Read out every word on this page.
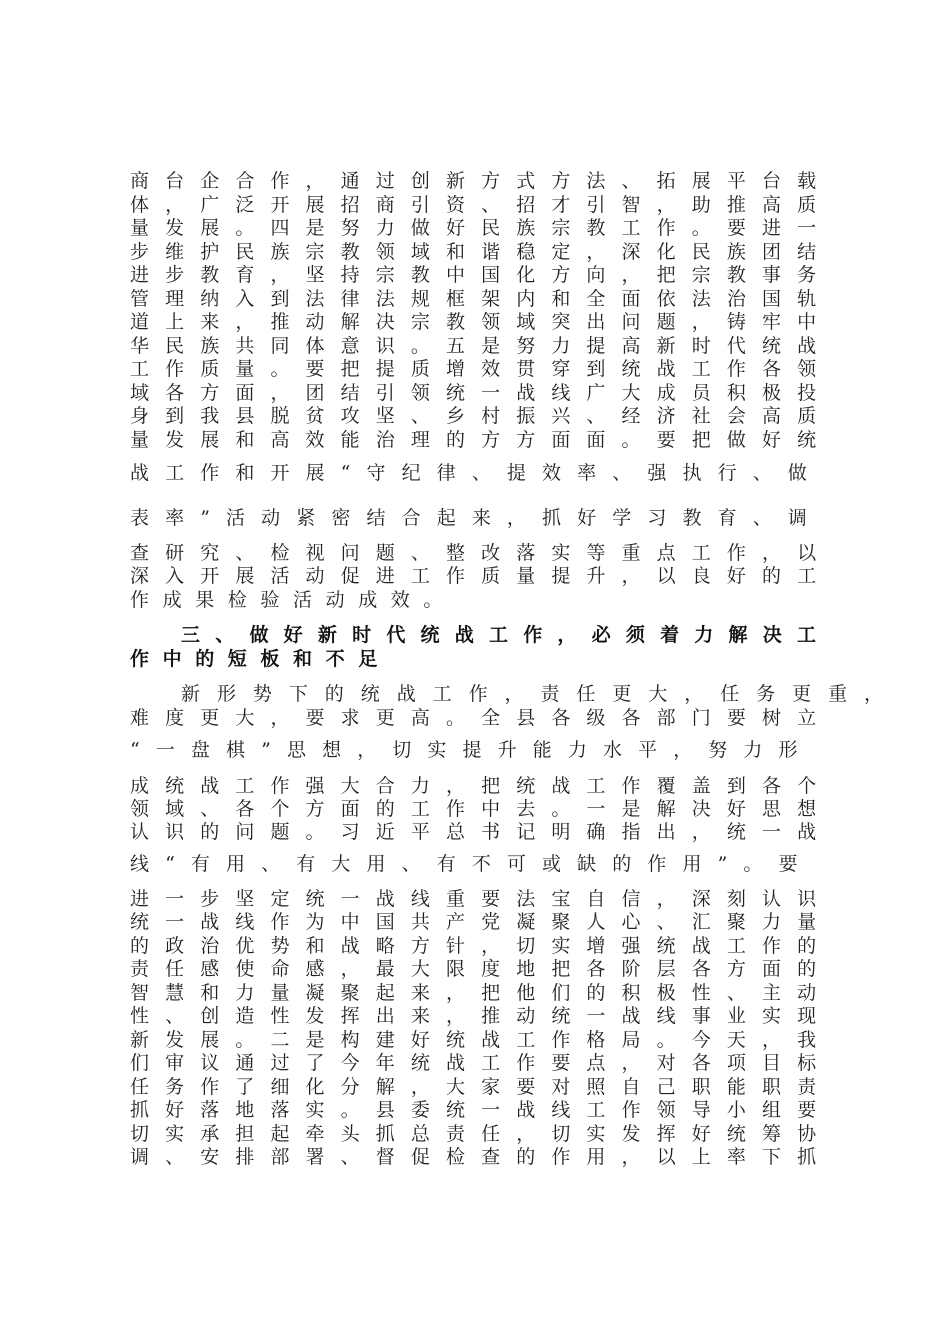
商台企合作，通过创新方式方法、拓展平台载
体，广泛开展招商引资、招才引智，助推高质
量发展。四是努力做好民族宗教工作。要进一
步维护民族宗教领域和谐稳定，深化民族团结
进步教育，坚持宗教中国化方向，把宗教事务
管理纳入到法律法规框架内和全面依法治国轨
道上来，推动解决宗教领域突出问题，铸牢中
华民族共同体意识。五是努力提高新时代统战
工作质量。要把提质增效贯穿到统战工作各领
域各方面，团结引领统一战线广大成员积极投
身到我县脱贫攻坚、乡村振兴、经济社会高质
量发展和高效能治理的方方面面。要把做好统
战工作和开展“守纪律、提效率、强执行、做
表率”活动紧密结合起来，抓好学习教育、调
查研究、检视问题、整改落实等重点工作，以
深入开展活动促进工作质量提升，以良好的工
作成果检验活动成效。
三、做好新时代统战工作，必须着力解决工
作中的短板和不足
新形势下的统战工作，责任更大，任务更重，
难度更大，要求更高。全县各级各部门要树立
“一盘棋”思想，切实提升能力水平，努力形
成统战工作强大合力，把统战工作覆盖到各个
领域、各个方面的工作中去。一是解决好思想
认识的问题。习近平总书记明确指出，统一战
线“有用、有大用、有不可或缺的作用”。要
进一步坚定统一战线重要法宝自信，深刻认识
统一战线作为中国共产党凝聚人心、汇聚力量
的政治优势和战略方针，切实增强统战工作的
责任感使命感，最大限度地把各阶层各方面的
智慧和力量凝聚起来，把他们的积极性、主动
性、创造性发挥出来，推动统一战线事业实现
新发展。二是构建好统战工作格局。今天，我
们审议通过了今年统战工作要点，对各项目标
任务作了细化分解，大家要对照自己职能职责
抓好落地落实。县委统一战线工作领导小组要
切实承担起牵头抓总责任，切实发挥好统筹协
调、安排部署、督促检查的作用，以上率下抓
